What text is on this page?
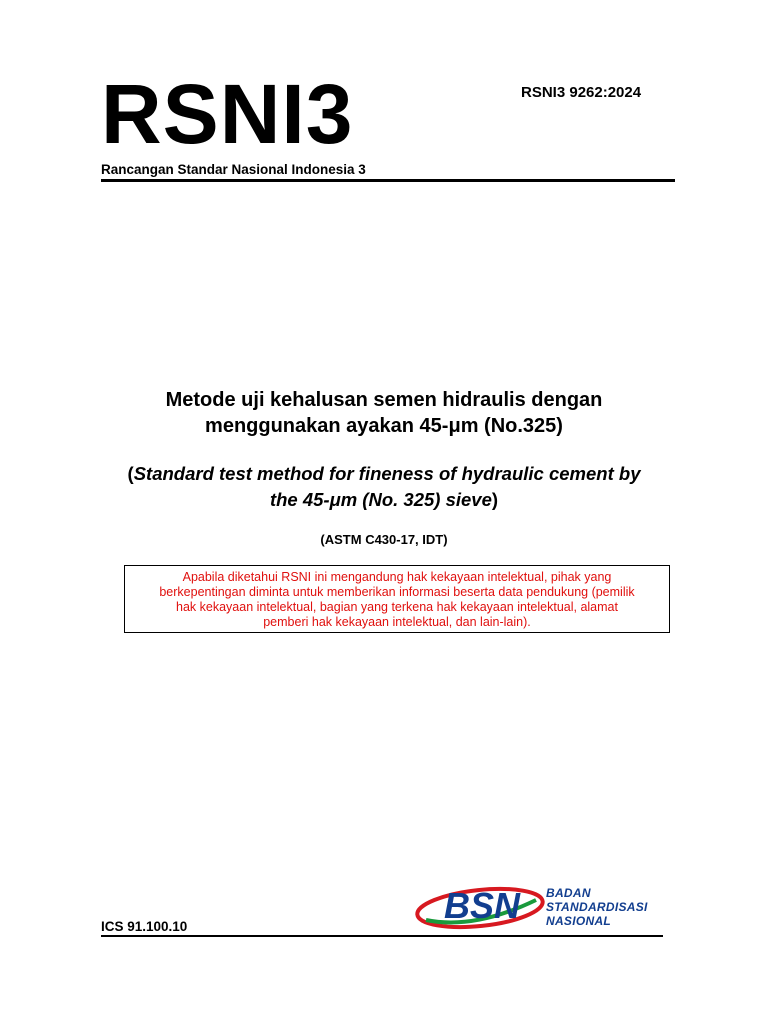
RSNI3	RSNI3 9262:2024
Rancangan Standar Nasional Indonesia 3
Metode uji kehalusan semen hidraulis dengan
menggunakan ayakan 45-μm (No.325)
(Standard test method for fineness of hydraulic cement by
the 45-μm (No. 325) sieve)
(ASTM C430-17, IDT)
Apabila diketahui RSNI ini mengandung hak kekayaan intelektual, pihak yang
berkepentingan diminta untuk memberikan informasi beserta data pendukung (pemilik
hak kekayaan intelektual, bagian yang terkena hak kekayaan intelektual, alamat
pemberi hak kekayaan intelektual, dan lain-lain).
BSN BADAN
STANDARDISASI
NASIONAL
ICS 91.100.10
